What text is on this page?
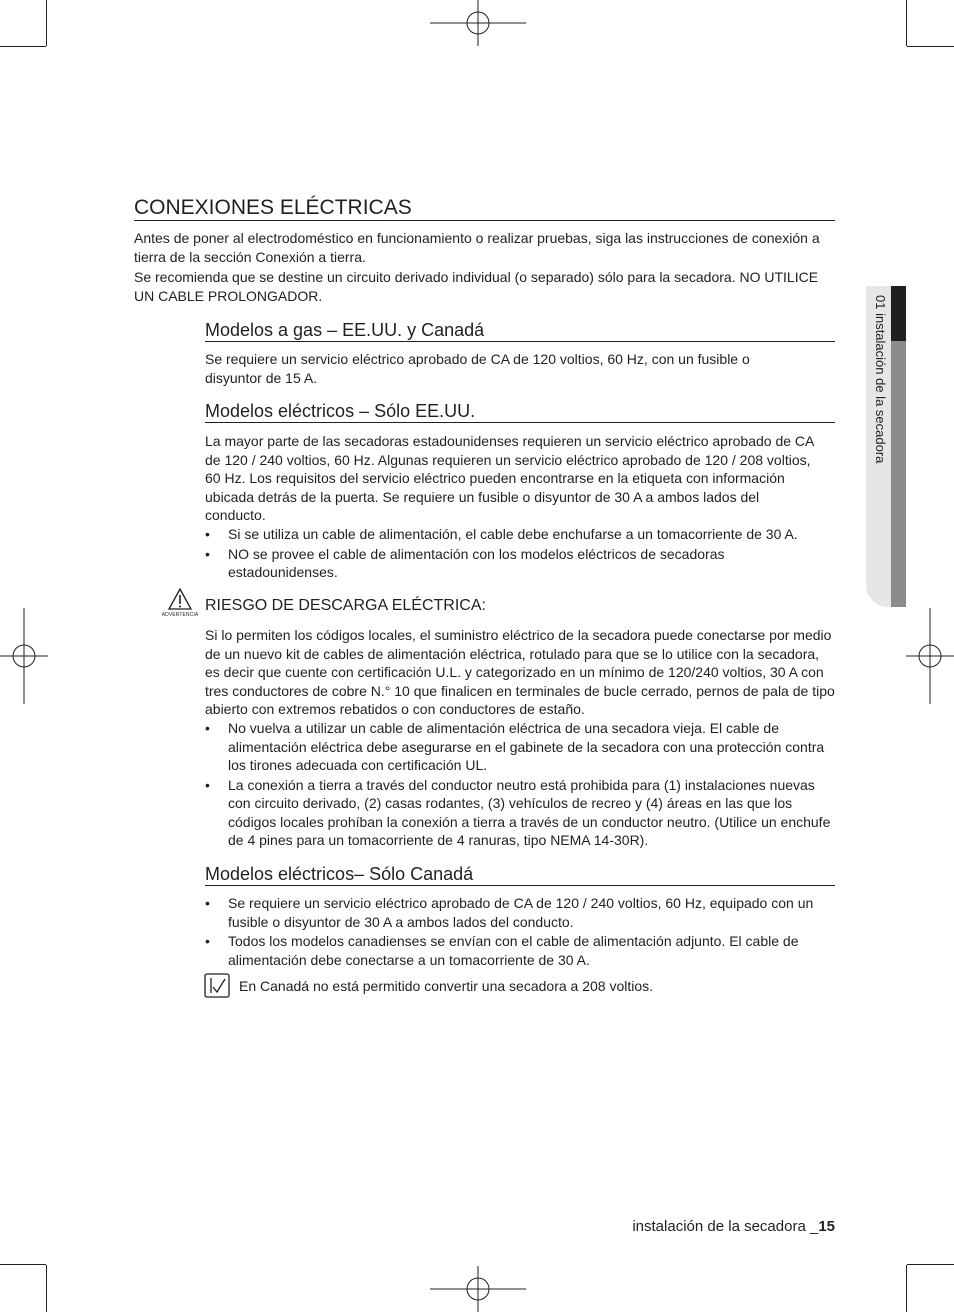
01 instalación de la secadora
CONEXIONES ELÉCTRICAS

Antes de poner al electrodoméstico en funcionamiento o realizar pruebas, siga las instrucciones de conexión a tierra de la sección Conexión a tierra.

Se recomienda que se destine un circuito derivado individual (o separado) sólo para la secadora. NO UTILICE UN CABLE PROLONGADOR.

Modelos a gas – EE.UU. y Canadá

Se requiere un servicio eléctrico aprobado de CA de 120 voltios, 60 Hz, con un fusible o disyuntor de 15 A.

Modelos eléctricos – Sólo EE.UU.

La mayor parte de las secadoras estadounidenses requieren un servicio eléctrico aprobado de CA de 120 / 240 voltios, 60 Hz. Algunas requieren un servicio eléctrico aprobado de 120 / 208 voltios, 60 Hz. Los requisitos del servicio eléctrico pueden encontrarse en la etiqueta con información ubicada detrás de la puerta. Se requiere un fusible o disyuntor de 30 A a ambos lados del conducto.

• Si se utiliza un cable de alimentación, el cable debe enchufarse a un tomacorriente de 30 A.
• NO se provee el cable de alimentación con los modelos eléctricos de secadoras estadounidenses.
ADVERTENCIA
RIESGO DE DESCARGA ELÉCTRICA:

Si lo permiten los códigos locales, el suministro eléctrico de la secadora puede conectarse por medio de un nuevo kit de cables de alimentación eléctrica, rotulado para que se lo utilice con la secadora, es decir que cuente con certificación U.L. y categorizado en un mínimo de 120/240 voltios, 30 A con tres conductores de cobre N.° 10 que finalicen en terminales de bucle cerrado, pernos de pala de tipo abierto con extremos rebatidos o con conductores de estaño.

• No vuelva a utilizar un cable de alimentación eléctrica de una secadora vieja. El cable de alimentación eléctrica debe asegurarse en el gabinete de la secadora con una protección contra los tirones adecuada con certificación UL.
• La conexión a tierra a través del conductor neutro está prohibida para (1) instalaciones nuevas con circuito derivado, (2) casas rodantes, (3) vehículos de recreo y (4) áreas en las que los códigos locales prohíban la conexión a tierra a través de un conductor neutro. (Utilice un enchufe de 4 pines para un tomacorriente de 4 ranuras, tipo NEMA 14-30R).
Modelos eléctricos– Sólo Canadá
• Se requiere un servicio eléctrico aprobado de CA de 120 / 240 voltios, 60 Hz, equipado con un fusible o disyuntor de 30 A a ambos lados del conducto.
• Todos los modelos canadienses se envían con el cable de alimentación adjunto. El cable de alimentación debe conectarse a un tomacorriente de 30 A.

En Canadá no está permitido convertir una secadora a 208 voltios.

instalación de la secadora _15
